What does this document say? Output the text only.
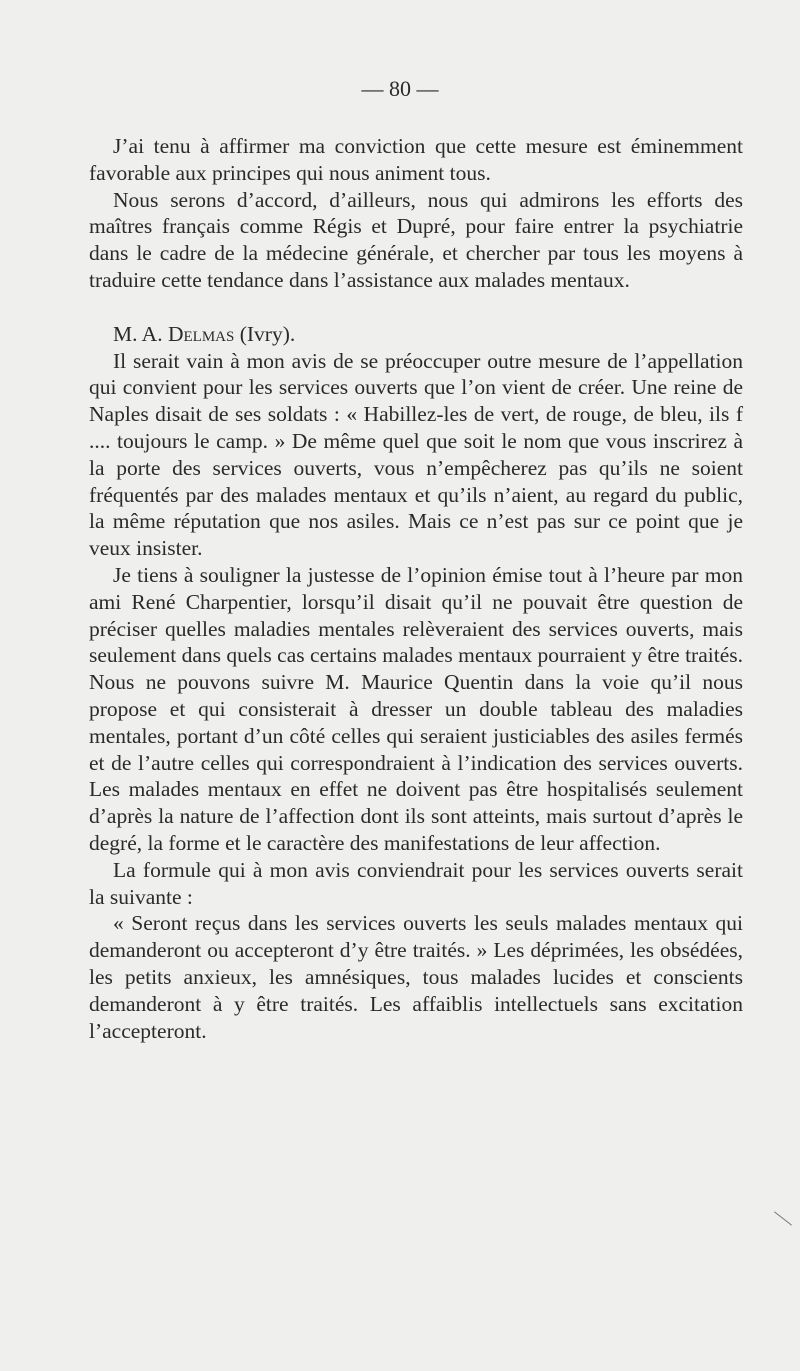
— 80 —

J’ai tenu à affirmer ma conviction que cette mesure est éminemment favorable aux principes qui nous animent tous.

Nous serons d’accord, d’ailleurs, nous qui admirons les efforts des maîtres français comme Régis et Dupré, pour faire entrer la psychiatrie dans le cadre de la médecine générale, et chercher par tous les moyens à traduire cette tendance dans l’assistance aux malades mentaux.

M. A. Delmas (Ivry).

Il serait vain à mon avis de se préoccuper outre mesure de l’appellation qui convient pour les services ouverts que l’on vient de créer. Une reine de Naples disait de ses soldats : « Habillez-les de vert, de rouge, de bleu, ils f .... toujours le camp. » De même quel que soit le nom que vous inscrirez à la porte des services ouverts, vous n’empêcherez pas qu’ils ne soient fréquentés par des malades mentaux et qu’ils n’aient, au regard du public, la même réputation que nos asiles. Mais ce n’est pas sur ce point que je veux insister.

Je tiens à souligner la justesse de l’opinion émise tout à l’heure par mon ami René Charpentier, lorsqu’il disait qu’il ne pouvait être question de préciser quelles maladies mentales relèveraient des services ouverts, mais seulement dans quels cas certains malades mentaux pourraient y être traités. Nous ne pouvons suivre M. Maurice Quentin dans la voie qu’il nous propose et qui consisterait à dresser un double tableau des maladies mentales, portant d’un côté celles qui seraient justiciables des asiles fermés et de l’autre celles qui correspondraient à l’indication des services ouverts. Les malades mentaux en effet ne doivent pas être hospitalisés seulement d’après la nature de l’affection dont ils sont atteints, mais surtout d’après le degré, la forme et le caractère des manifestations de leur affection.

La formule qui à mon avis conviendrait pour les services ouverts serait la suivante :

« Seront reçus dans les services ouverts les seuls malades mentaux qui demanderont ou accepteront d’y être traités. » Les déprimées, les obsédées, les petits anxieux, les amnésiques, tous malades lucides et conscients demanderont à y être traités. Les affaiblis intellectuels sans excitation l’accepteront.
